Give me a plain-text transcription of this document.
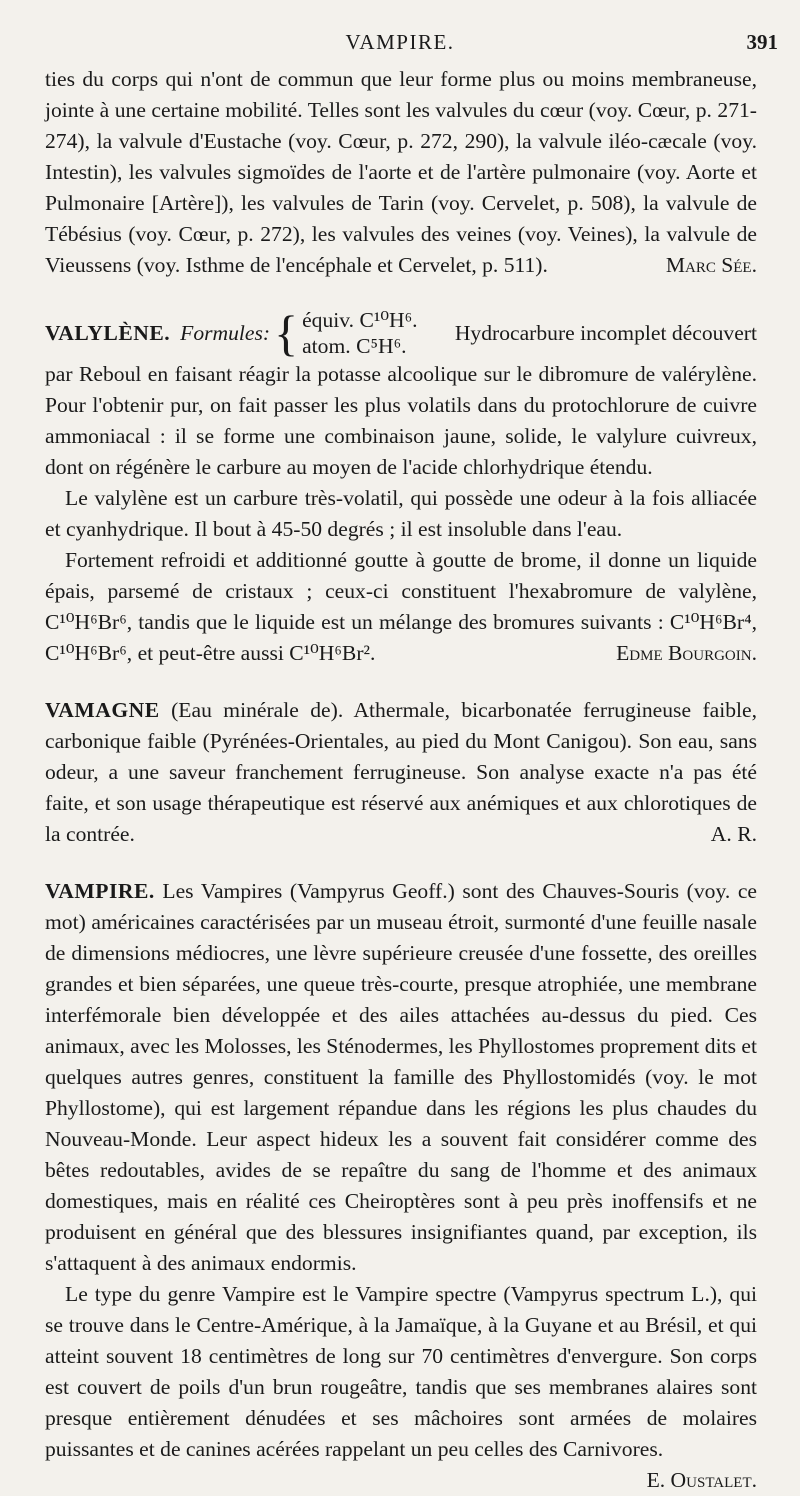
VAMPIRE.	391

ties du corps qui n'ont de commun que leur forme plus ou moins membraneuse, jointe à une certaine mobilité. Telles sont les valvules du cœur (voy. Cœur, p. 271-274), la valvule d'Eustache (voy. Cœur, p. 272, 290), la valvule iléo-cæcale (voy. Intestin), les valvules sigmoïdes de l'aorte et de l'artère pulmonaire (voy. Aorte et Pulmonaire [Artère]), les valvules de Tarin (voy. Cervelet, p. 508), la valvule de Tébésius (voy. Cœur, p. 272), les valvules des veines (voy. Veines), la valvule de Vieussens (voy. Isthme de l'encéphale et Cervelet, p. 511).	Marc Sée.

VALYLÈNE. Formules: { équiv. C¹⁰H⁶.
atom. C⁵H⁶.
Hydrocarbure incomplet découvert

par Reboul en faisant réagir la potasse alcoolique sur le dibromure de valérylène. Pour l'obtenir pur, on fait passer les plus volatils dans du protochlorure de cuivre ammoniacal : il se forme une combinaison jaune, solide, le valylure cuivreux, dont on régénère le carbure au moyen de l'acide chlorhydrique étendu.

Le valylène est un carbure très-volatil, qui possède une odeur à la fois alliacée et cyanhydrique. Il bout à 45-50 degrés ; il est insoluble dans l'eau.

Fortement refroidi et additionné goutte à goutte de brome, il donne un liquide épais, parsemé de cristaux ; ceux-ci constituent l'hexabromure de valylène, C¹⁰H⁶Br⁶, tandis que le liquide est un mélange des bromures suivants : C¹⁰H⁶Br⁴, C¹⁰H⁶Br⁶, et peut-être aussi C¹⁰H⁶Br².	Edme Bourgoin.

VAMAGNE (Eau minérale de). Athermale, bicarbonatée ferrugineuse faible, carbonique faible (Pyrénées-Orientales, au pied du Mont Canigou). Son eau, sans odeur, a une saveur franchement ferrugineuse. Son analyse exacte n'a pas été faite, et son usage thérapeutique est réservé aux anémiques et aux chlorotiques de la contrée.	A. R.

VAMPIRE. Les Vampires (Vampyrus Geoff.) sont des Chauves-Souris (voy. ce mot) américaines caractérisées par un museau étroit, surmonté d'une feuille nasale de dimensions médiocres, une lèvre supérieure creusée d'une fossette, des oreilles grandes et bien séparées, une queue très-courte, presque atrophiée, une membrane interfémorale bien développée et des ailes attachées au-dessus du pied. Ces animaux, avec les Molosses, les Sténodermes, les Phyllostomes proprement dits et quelques autres genres, constituent la famille des Phyllostomidés (voy. le mot Phyllostome), qui est largement répandue dans les régions les plus chaudes du Nouveau-Monde. Leur aspect hideux les a souvent fait considérer comme des bêtes redoutables, avides de se repaître du sang de l'homme et des animaux domestiques, mais en réalité ces Cheiroptères sont à peu près inoffensifs et ne produisent en général que des blessures insignifiantes quand, par exception, ils s'attaquent à des animaux endormis.

Le type du genre Vampire est le Vampire spectre (Vampyrus spectrum L.), qui se trouve dans le Centre-Amérique, à la Jamaïque, à la Guyane et au Brésil, et qui atteint souvent 18 centimètres de long sur 70 centimètres d'envergure. Son corps est couvert de poils d'un brun rougeâtre, tandis que ses membranes alaires sont presque entièrement dénudées et ses mâchoires sont armées de molaires puissantes et de canines acérées rappelant un peu celles des Carnivores.
E. Oustalet.
